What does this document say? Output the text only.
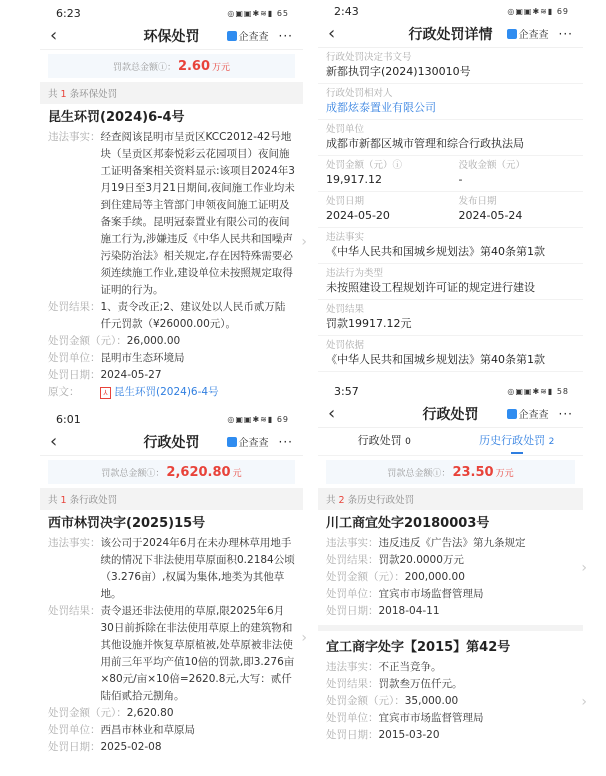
6:23	◎▣▣✱≋▮ 65
‹	环保处罚	企查查 ···
罚款总金额ⓘ： 2.60 万元
共 1 条环保处罚
昆生环罚(2024)6-4号
违法事实： 经查阅该昆明市呈贡区KCC2012-42号地块（呈贡区邦泰悦彩云花园项目）夜间施工证明备案相关资料显示:该项目2024年3月19日至3月21日期间,夜间施工作业均未到住建局等主管部门申领夜间施工证明及备案手续。昆明冠泰置业有限公司的夜间施工行为,涉嫌违反《中华人民共和国噪声污染防治法》相关规定,存在因特殊需要必须连续施工作业,建设单位未按照规定取得证明的行为。
处罚结果： 1、责令改正;2、建议处以人民币贰万陆仟元罚款（¥26000.00元）。
处罚金额（元）： 26,000.00
处罚单位： 昆明市生态环境局
处罚日期： 2024-05-27
原文：	⅄ 昆生环罚(2024)6-4号
›
6:01	◎▣▣✱≋▮ 69
‹	行政处罚	企查查 ···
罚款总金额ⓘ： 2,620.80 元
共 1 条行政处罚
西市林罚决字(2025)15号
违法事实： 该公司于2024年6月在未办理林草用地手续的情况下非法使用草原面积0.2184公顷（3.276亩）,权属为集体,地类为其他草地。
处罚结果： 责令退还非法使用的草原,限2025年6月30日前拆除在非法使用草原上的建筑物和其他设施并恢复草原植被,处草原被非法使用前三年平均产值10倍的罚款,即3.276亩×80元/亩×10倍=2620.8元,大写：贰仟陆佰贰拾元捌角。
处罚金额（元）： 2,620.80
处罚单位： 西昌市林业和草原局
处罚日期： 2025-02-08
›
2:43	◎▣▣✱≋▮ 69
‹	行政处罚详情	企查查 ···
行政处罚决定书文号
新都执罚字(2024)130010号
行政处罚相对人
成都炫泰置业有限公司
处罚单位
成都市新都区城市管理和综合行政执法局
处罚金额（元）ⓘ
19,917.12
没收金额（元）
-
处罚日期
2024-05-20
发布日期
2024-05-24
违法事实
《中华人民共和国城乡规划法》第40条第1款
违法行为类型
未按照建设工程规划许可证的规定进行建设
处罚结果
罚款19917.12元
处罚依据
《中华人民共和国城乡规划法》第40条第1款
3:57	◎▣▣✱≋▮ 58
‹	行政处罚	企查查 ···
行政处罚 0	历史行政处罚 2
罚款总金额ⓘ： 23.50 万元
共 2 条历史行政处罚
川工商宜处字20180003号
违法事实： 违反违反《广告法》第九条规定
处罚结果： 罚款20.0000万元
处罚金额（元）： 200,000.00
处罚单位： 宜宾市市场监督管理局
处罚日期： 2018-04-11
›
宜工商字处字【2015】第42号
违法事实： 不正当竞争。
处罚结果： 罚款叁万伍仟元。
处罚金额（元）： 35,000.00
处罚单位： 宜宾市市场监督管理局
处罚日期： 2015-03-20
›
